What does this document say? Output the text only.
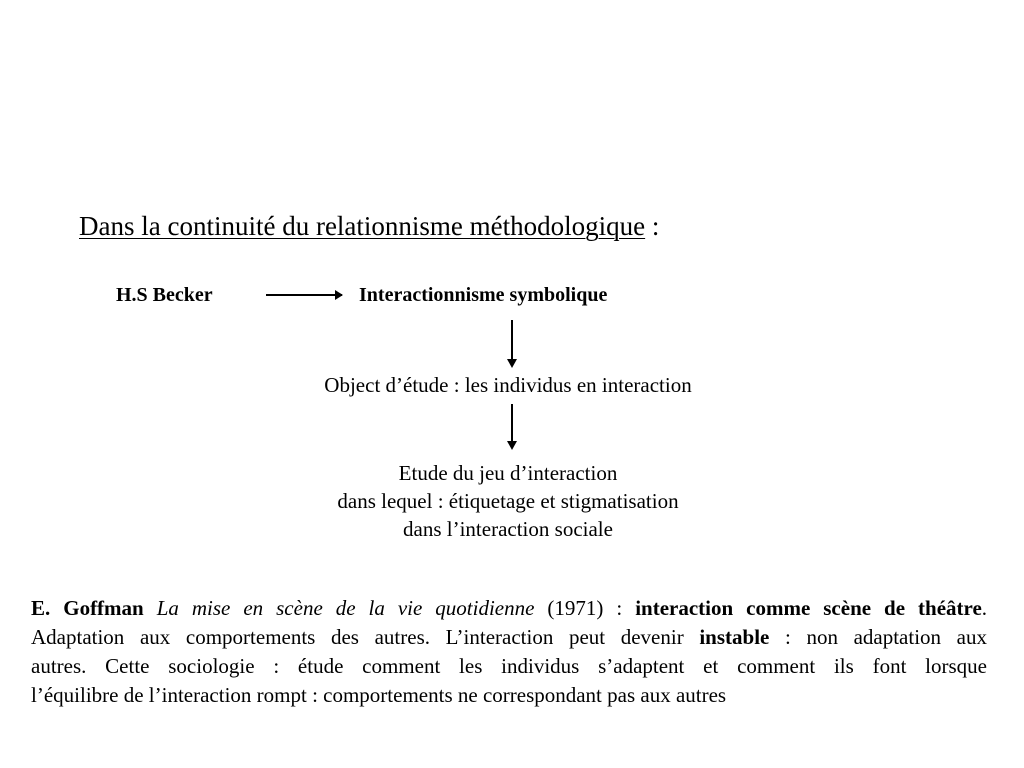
Dans la continuité du relationnisme méthodologique :
H.S Becker	Interactionnisme symbolique
Object d’étude : les individus en interaction
Etude du jeu d’interaction
dans lequel : étiquetage et stigmatisation
dans l’interaction sociale
E. Goffman La mise en scène de la vie quotidienne (1971) : interaction comme scène de théâtre.
Adaptation aux comportements des autres. L’interaction peut devenir instable : non adaptation aux
autres. Cette sociologie : étude comment les individus s’adaptent et comment ils font lorsque
l’équilibre de l’interaction rompt : comportements ne correspondant pas aux autres
